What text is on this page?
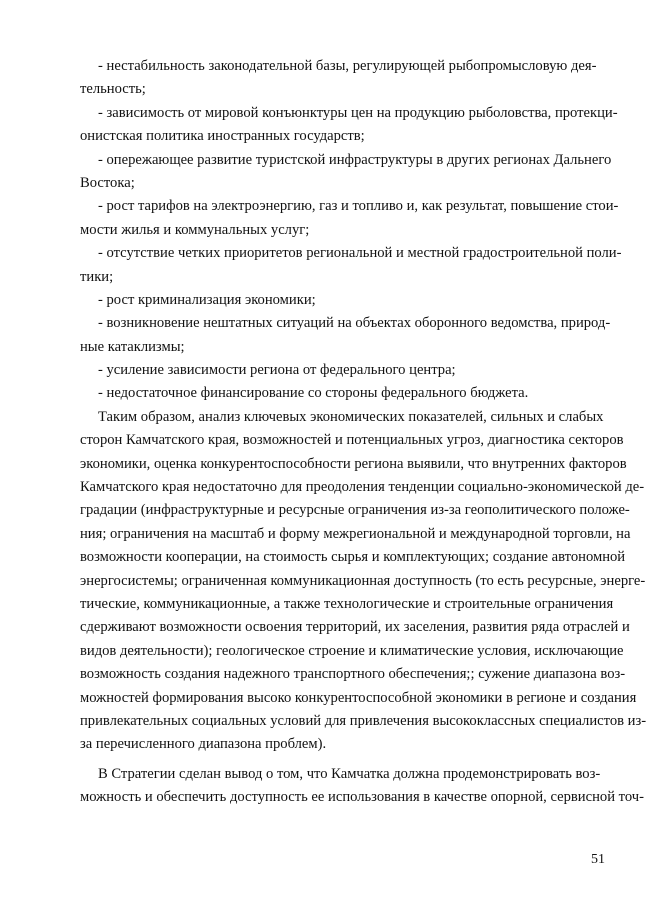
- нестабильность законодательной базы, регулирующей рыбопромысловую дея-
тельность;
- зависимость от мировой конъюнктуры цен на продукцию рыболовства, протекци-
онистская политика иностранных государств;
- опережающее развитие туристской инфраструктуры в других регионах Дальнего
Востока;
- рост тарифов на электроэнергию, газ и топливо и, как результат, повышение стои-
мости жилья и коммунальных услуг;
- отсутствие четких приоритетов региональной и местной градостроительной поли-
тики;
- рост криминализация экономики;
- возникновение нештатных ситуаций на объектах оборонного ведомства, природ-
ные катаклизмы;
- усиление зависимости региона от федерального центра;
- недостаточное финансирование со стороны федерального бюджета.
Таким образом, анализ ключевых экономических показателей, сильных и слабых
сторон Камчатского края, возможностей и потенциальных угроз, диагностика секторов
экономики, оценка конкурентоспособности региона выявили, что внутренних факторов
Камчатского края недостаточно для преодоления тенденции социально-экономической де-
градации (инфраструктурные и ресурсные ограничения из-за геополитического положе-
ния; ограничения на масштаб и форму межрегиональной и международной торговли, на
возможности кооперации, на стоимость сырья и комплектующих; создание автономной
энергосистемы; ограниченная коммуникационная доступность (то есть ресурсные, энерге-
тические, коммуникационные, а также технологические и строительные ограничения
сдерживают возможности освоения территорий, их заселения, развития ряда отраслей и
видов деятельности); геологическое строение и климатические условия, исключающие
возможность создания надежного транспортного обеспечения;; сужение диапазона воз-
можностей формирования высоко конкурентоспособной экономики в регионе и создания
привлекательных социальных условий для привлечения высококлассных специалистов из-
за перечисленного диапазона проблем).
В Стратегии сделан вывод о том, что Камчатка должна продемонстрировать воз-
можность и обеспечить доступность ее использования в качестве опорной, сервисной точ-
51
